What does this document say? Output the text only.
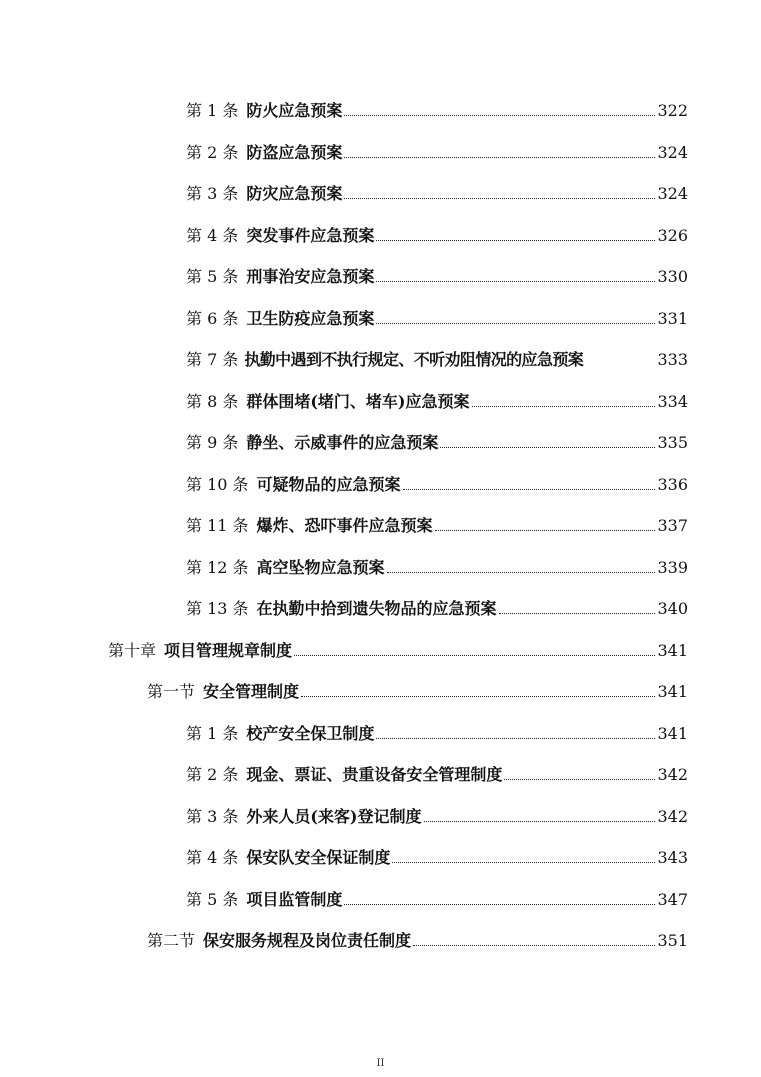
第 1 条 防火应急预案	322
第 2 条 防盗应急预案	324
第 3 条 防灾应急预案	324
第 4 条 突发事件应急预案	326
第 5 条 刑事治安应急预案	330
第 6 条 卫生防疫应急预案	331
第 7 条 执勤中遇到不执行规定、不听劝阻情况的应急预案	333
第 8 条 群体围堵(堵门、堵车)应急预案	334
第 9 条 静坐、示威事件的应急预案	335
第 10 条 可疑物品的应急预案	336
第 11 条 爆炸、恐吓事件应急预案	337
第 12 条 高空坠物应急预案	339
第 13 条 在执勤中拾到遗失物品的应急预案	340
第十章 项目管理规章制度	341
第一节 安全管理制度	341
第 1 条 校产安全保卫制度	341
第 2 条 现金、票证、贵重设备安全管理制度	342
第 3 条 外来人员(来客)登记制度	342
第 4 条 保安队安全保证制度	343
第 5 条 项目监管制度	347
第二节 保安服务规程及岗位责任制度	351
II
